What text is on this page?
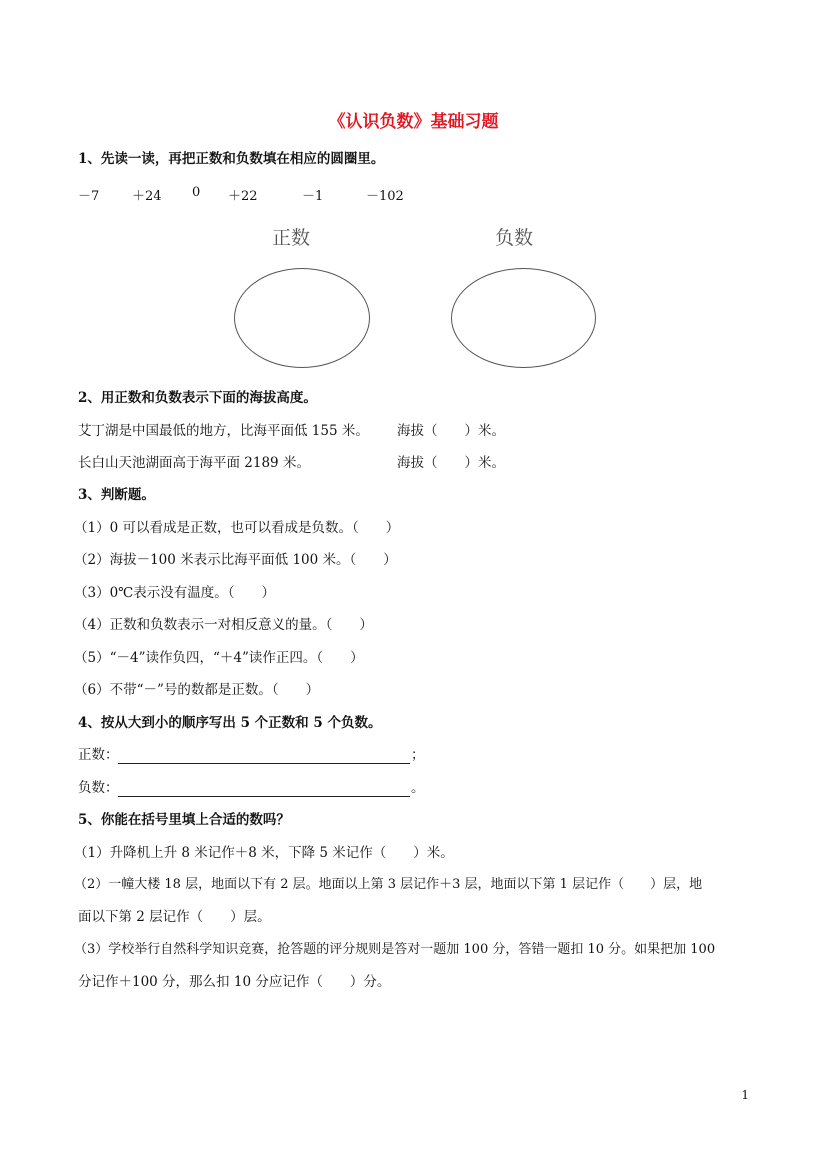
《认识负数》基础习题
1、先读一读，再把正数和负数填在相应的圆圈里。
－7	＋24 0 ＋22	－1	－102
正数	负数
2、用正数和负数表示下面的海拔高度。
艾丁湖是中国最低的地方，比海平面低 155 米。 海拔（　　）米。
长白山天池湖面高于海平面 2189 米。	海拔（　　）米。
3、判断题。
（1）0 可以看成是正数，也可以看成是负数。（　　）
（2）海拔－100 米表示比海平面低 100 米。（　　）
（3）0℃表示没有温度。（　　）
（4）正数和负数表示一对相反意义的量。（　　）
（5）“－4”读作负四，“＋4”读作正四。（　　）
（6）不带“－”号的数都是正数。（　　）
4、按从大到小的顺序写出 5 个正数和 5 个负数。
正数：	；
负数：	。
5、你能在括号里填上合适的数吗？
（1）升降机上升 8 米记作＋8 米，下降 5 米记作（　　）米。
（2）一幢大楼 18 层，地面以下有 2 层。地面以上第 3 层记作＋3 层，地面以下第 1 层记作（　　）层，地
面以下第 2 层记作（　　）层。
（3）学校举行自然科学知识竞赛，抢答题的评分规则是答对一题加 100 分，答错一题扣 10 分。如果把加 100
分记作＋100 分，那么扣 10 分应记作（　　）分。
1
